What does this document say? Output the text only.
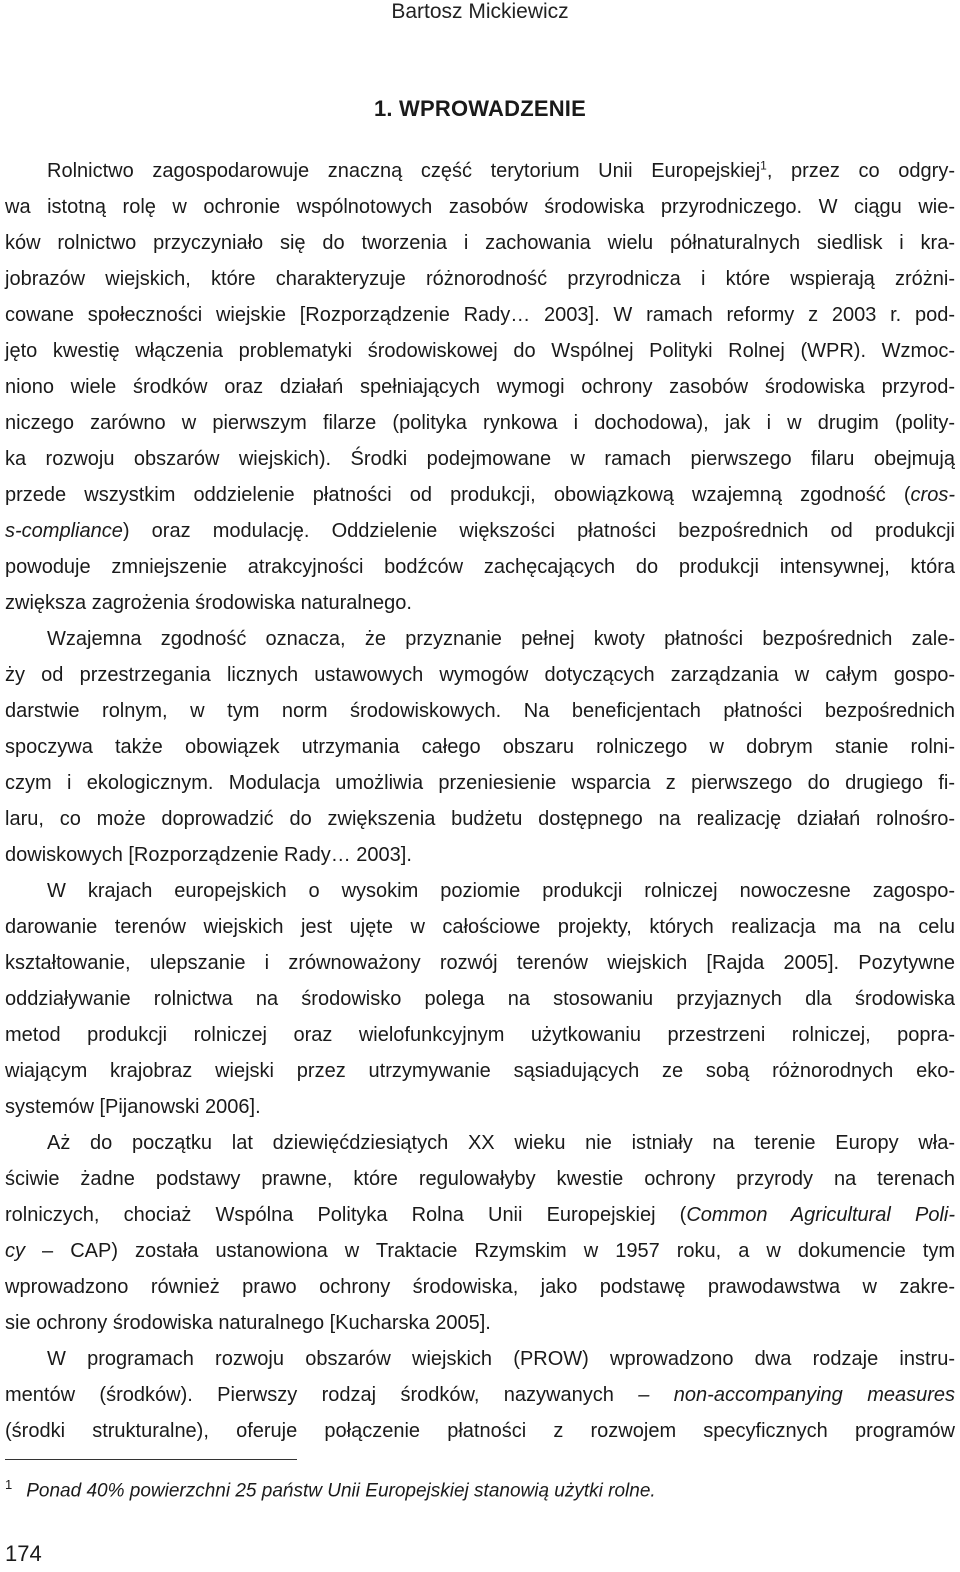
Bartosz Mickiewicz
1. WPROWADZENIE
Rolnictwo zagospodarowuje znaczną część terytorium Unii Europejskiej$^1$, przez co odgry-
wa istotną rolę w ochronie wspólnotowych zasobów środowiska przyrodniczego. W ciągu wie-
ków rolnictwo przyczyniało się do tworzenia i zachowania wielu półnaturalnych siedlisk i kra-
jobrazów wiejskich, które charakteryzuje różnorodność przyrodnicza i które wspierają zróżni-
cowane społeczności wiejskie [Rozporządzenie Rady… 2003]. W ramach reformy z 2003 r. pod-
jęto kwestię włączenia problematyki środowiskowej do Wspólnej Polityki Rolnej (WPR). Wzmoc-
niono wiele środków oraz działań spełniających wymogi ochrony zasobów środowiska przyrod-
niczego zarówno w pierwszym filarze (polityka rynkowa i dochodowa), jak i w drugim (polity-
ka rozwoju obszarów wiejskich). Środki podejmowane w ramach pierwszego filaru obejmują
przede wszystkim oddzielenie płatności od produkcji, obowiązkową wzajemną zgodność (cros-
s-compliance) oraz modulację. Oddzielenie większości płatności bezpośrednich od produkcji
powoduje zmniejszenie atrakcyjności bodźców zachęcających do produkcji intensywnej, która
zwiększa zagrożenia środowiska naturalnego.
Wzajemna zgodność oznacza, że przyznanie pełnej kwoty płatności bezpośrednich zale-
ży od przestrzegania licznych ustawowych wymogów dotyczących zarządzania w całym gospo-
darstwie rolnym, w tym norm środowiskowych. Na beneficjentach płatności bezpośrednich
spoczywa także obowiązek utrzymania całego obszaru rolniczego w dobrym stanie rolni-
czym i ekologicznym. Modulacja umożliwia przeniesienie wsparcia z pierwszego do drugiego fi-
laru, co może doprowadzić do zwiększenia budżetu dostępnego na realizację działań rolnośro-
dowiskowych [Rozporządzenie Rady… 2003].
W krajach europejskich o wysokim poziomie produkcji rolniczej nowoczesne zagospo-
darowanie terenów wiejskich jest ujęte w całościowe projekty, których realizacja ma na celu
kształtowanie, ulepszanie i zrównoważony rozwój terenów wiejskich [Rajda 2005]. Pozytywne
oddziaływanie rolnictwa na środowisko polega na stosowaniu przyjaznych dla środowiska
metod produkcji rolniczej oraz wielofunkcyjnym użytkowaniu przestrzeni rolniczej, popra-
wiającym krajobraz wiejski przez utrzymywanie sąsiadujących ze sobą różnorodnych eko-
systemów [Pijanowski 2006].
Aż do początku lat dziewięćdziesiątych XX wieku nie istniały na terenie Europy wła-
ściwie żadne podstawy prawne, które regulowałyby kwestie ochrony przyrody na terenach
rolniczych, chociaż Wspólna Polityka Rolna Unii Europejskiej (Common Agricultural Poli-
cy – CAP) została ustanowiona w Traktacie Rzymskim w 1957 roku, a w dokumencie tym
wprowadzono również prawo ochrony środowiska, jako podstawę prawodawstwa w zakre-
sie ochrony środowiska naturalnego [Kucharska 2005].
W programach rozwoju obszarów wiejskich (PROW) wprowadzono dwa rodzaje instru-
mentów (środków). Pierwszy rodzaj środków, nazywanych – non-accompanying measures
(środki strukturalne), oferuje połączenie płatności z rozwojem specyficznych programów
$^1$ Ponad 40% powierzchni 25 państw Unii Europejskiej stanowią użytki rolne.
174
